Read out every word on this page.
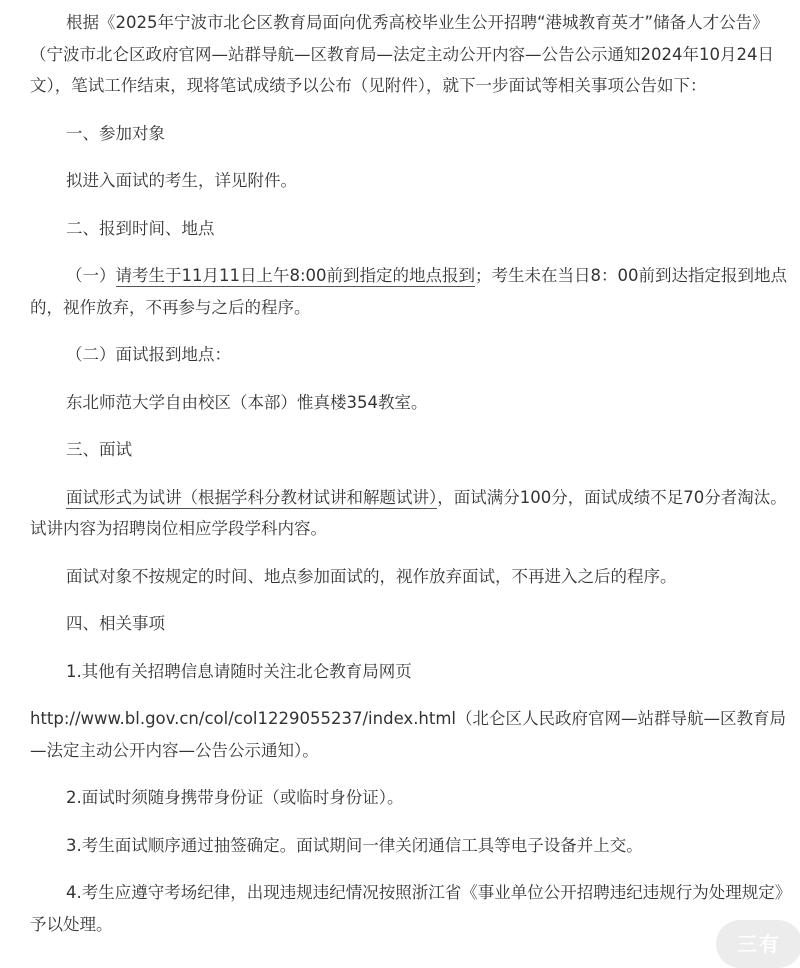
根据《2025年宁波市北仑区教育局面向优秀高校毕业生公开招聘“港城教育英才”储备人才公告》（宁波市北仑区政府官网—站群导航—区教育局—法定主动公开内容—公告公示通知2024年10月24日文），笔试工作结束，现将笔试成绩予以公布（见附件），就下一步面试等相关事项公告如下：

一、参加对象

拟进入面试的考生，详见附件。

二、报到时间、地点

（一）请考生于11月11日上午8:00前到指定的地点报到；考生未在当日8：00前到达指定报到地点的，视作放弃，不再参与之后的程序。

（二）面试报到地点：

东北师范大学自由校区（本部）惟真楼354教室。

三、面试

面试形式为试讲（根据学科分教材试讲和解题试讲），面试满分100分，面试成绩不足70分者淘汰。试讲内容为招聘岗位相应学段学科内容。

面试对象不按规定的时间、地点参加面试的，视作放弃面试，不再进入之后的程序。

四、相关事项

1.其他有关招聘信息请随时关注北仑教育局网页

http://www.bl.gov.cn/col/col1229055237/index.html（北仑区人民政府官网—站群导航—区教育局—法定主动公开内容—公告公示通知）。

2.面试时须随身携带身份证（或临时身份证）。

3.考生面试顺序通过抽签确定。面试期间一律关闭通信工具等电子设备并上交。

4.考生应遵守考场纪律，出现违规违纪情况按照浙江省《事业单位公开招聘违纪违规行为处理规定》予以处理。

三有
